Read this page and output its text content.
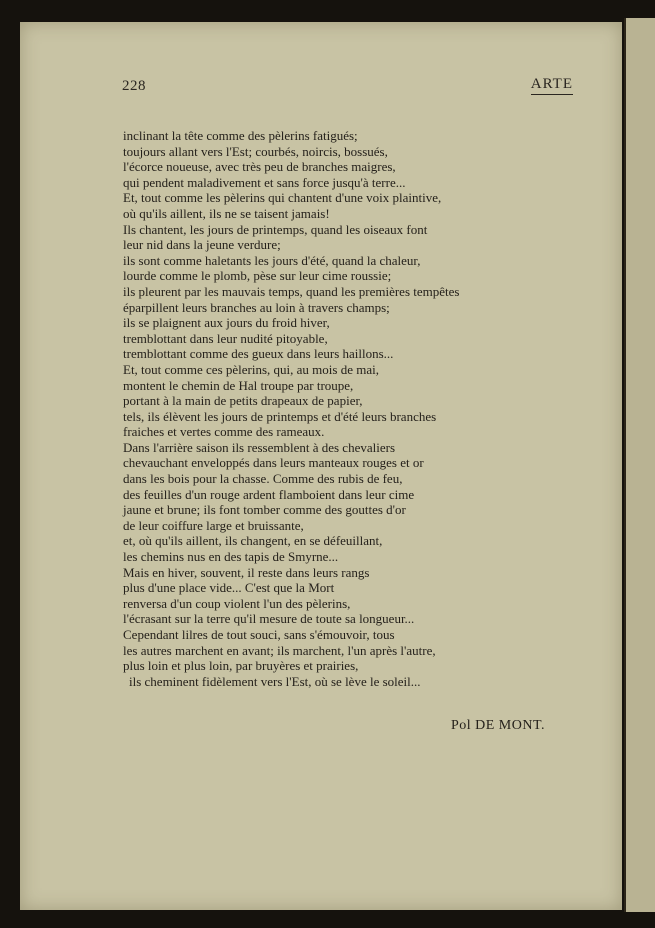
228	ARTE
inclinant la tête comme des pèlerins fatigués;
toujours allant vers l'Est; courbés, noircis, bossués,
l'écorce noueuse, avec très peu de branches maigres,
qui pendent maladivement et sans force jusqu'à terre...
Et, tout comme les pèlerins qui chantent d'une voix plaintive,
où qu'ils aillent, ils ne se taisent jamais!
Ils chantent, les jours de printemps, quand les oiseaux font
leur nid dans la jeune verdure;
ils sont comme haletants les jours d'été, quand la chaleur,
lourde comme le plomb, pèse sur leur cime roussie;
ils pleurent par les mauvais temps, quand les premières tempêtes
éparpillent leurs branches au loin à travers champs;
ils se plaignent aux jours du froid hiver,
tremblottant dans leur nudité pitoyable,
tremblottant comme des gueux dans leurs haillons...
Et, tout comme ces pèlerins, qui, au mois de mai,
montent le chemin de Hal troupe par troupe,
portant à la main de petits drapeaux de papier,
tels, ils élèvent les jours de printemps et d'été leurs branches
fraiches et vertes comme des rameaux.
Dans l'arrière saison ils ressemblent à des chevaliers
chevauchant enveloppés dans leurs manteaux rouges et or
dans les bois pour la chasse. Comme des rubis de feu,
des feuilles d'un rouge ardent flamboient dans leur cime
jaune et brune; ils font tomber comme des gouttes d'or
de leur coiffure large et bruissante,
et, où qu'ils aillent, ils changent, en se défeuillant,
les chemins nus en des tapis de Smyrne...
Mais en hiver, souvent, il reste dans leurs rangs
plus d'une place vide... C'est que la Mort
renversa d'un coup violent l'un des pèlerins,
l'écrasant sur la terre qu'il mesure de toute sa longueur...
Cependant lilres de tout souci, sans s'émouvoir, tous
les autres marchent en avant; ils marchent, l'un après l'autre,
plus loin et plus loin, par bruyères et prairies,
ils cheminent fidèlement vers l'Est, où se lève le soleil...
Pol DE MONT.
